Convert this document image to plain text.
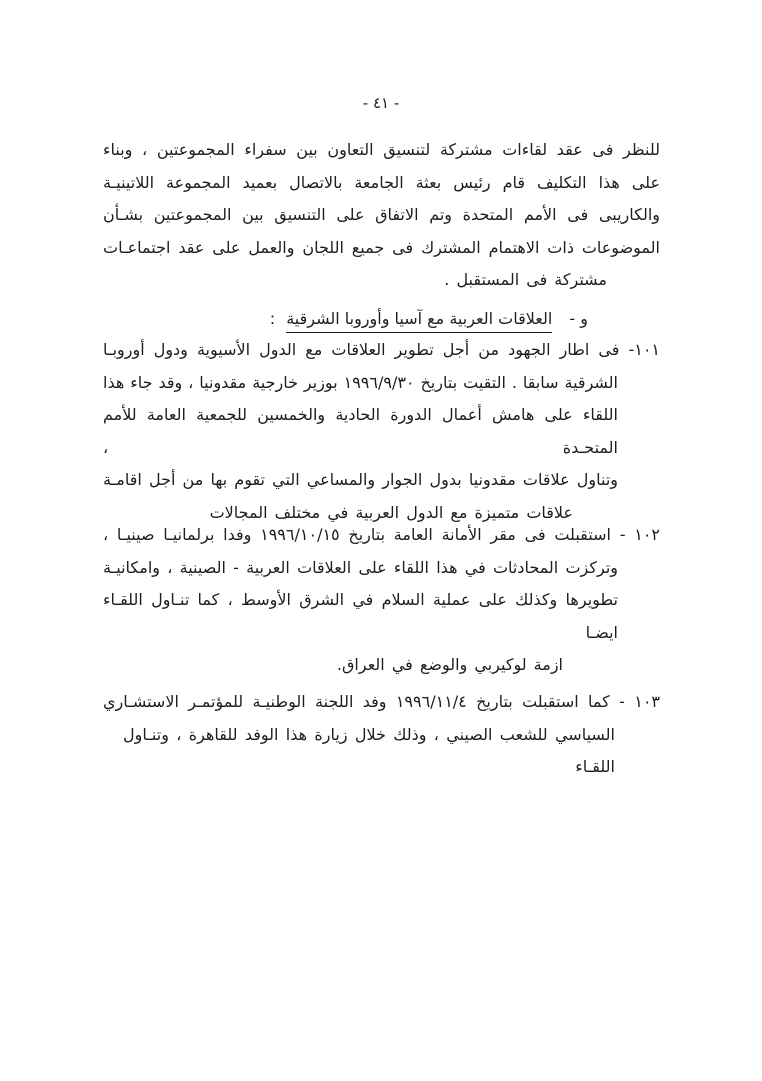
- ٤١ -
للنظر فى عقد لقاءات مشتركة لتنسيق التعاون بين سفراء المجموعتين ، وبناء
على هذا التكليف قام رئيس بعثة الجامعة بالاتصال بعميد المجموعة اللاتينيـة
والكاريبى فى الأمم المتحدة وتم الاتفاق على التنسيق بين المجموعتين بشـأن
الموضوعات ذات الاهتمام المشترك فى جميع اللجان والعمل على عقد اجتماعـات
مشتركة فى المستقبل .
و - العلاقات العربية مع آسيا وأوروبا الشرقية :
١٠١- فى اطار الجهود من أجل تطوير العلاقات مع الدول الأسيوية ودول أوروبـا
الشرقية سابقا . التقيت بتاريخ ١٩٩٦/٩/٣٠ بوزير خارجية مقدونيا ، وقد جاء هذا
اللقاء على هامش أعمال الدورة الحادية والخمسين للجمعية العامة للأمم المتحـدة ،
وتناول علاقات مقدونيا بدول الجوار والمساعي التي تقوم بها من أجل اقامـة
علاقات متميزة مع الدول العربية في مختلف المجالات
١٠٢ - استقبلت فى مقر الأمانة العامة بتاريخ ١٩٩٦/١٠/١٥ وفدا برلمانيـا صينيـا ،
وتركزت المحادثات في هذا اللقاء على العلاقات العربية - الصينية ، وامكانيـة
تطويرها وكذلك على عملية السلام في الشرق الأوسط ، كما تنـاول اللقـاء ايضـا
ازمة لوكيربي والوضع في العراق.
١٠٣ - كما استقبلت بتاريخ ١٩٩٦/١١/٤ وفد اللجنة الوطنيـة للمؤتمـر الاستشـاري
السياسي للشعب الصيني ، وذلك خلال زيارة هذا الوفد للقاهرة ، وتنـاول اللقـاء
